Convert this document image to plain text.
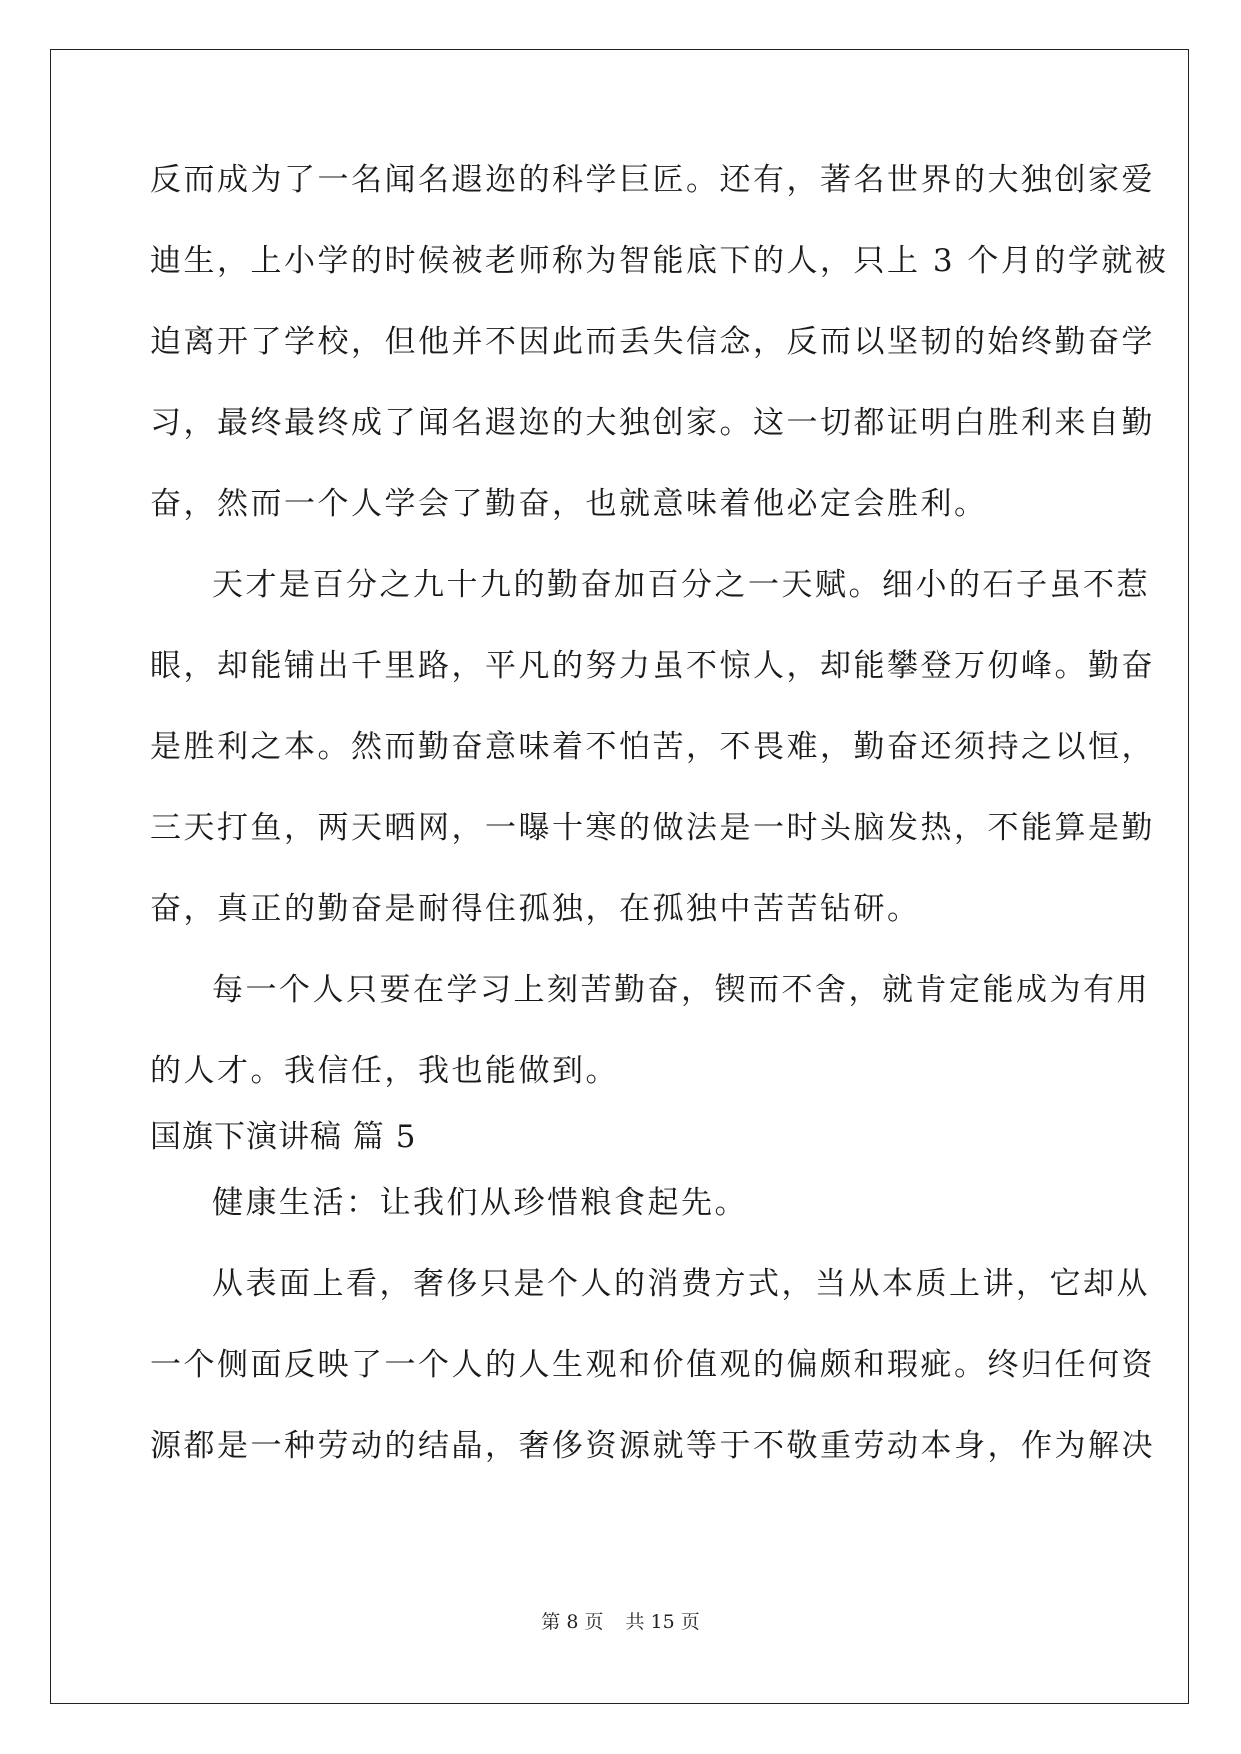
反而成为了一名闻名遐迩的科学巨匠。还有，著名世界的大独创家爱
迪生，上小学的时候被老师称为智能底下的人，只上 3 个月的学就被
迫离开了学校，但他并不因此而丢失信念，反而以坚韧的始终勤奋学
习，最终最终成了闻名遐迩的大独创家。这一切都证明白胜利来自勤
奋，然而一个人学会了勤奋，也就意味着他必定会胜利。
天才是百分之九十九的勤奋加百分之一天赋。细小的石子虽不惹
眼，却能铺出千里路，平凡的努力虽不惊人，却能攀登万仞峰。勤奋
是胜利之本。然而勤奋意味着不怕苦，不畏难，勤奋还须持之以恒，
三天打鱼，两天晒网，一曝十寒的做法是一时头脑发热，不能算是勤
奋，真正的勤奋是耐得住孤独，在孤独中苦苦钻研。
每一个人只要在学习上刻苦勤奋，锲而不舍，就肯定能成为有用
的人才。我信任，我也能做到。
国旗下演讲稿 篇 5
健康生活：让我们从珍惜粮食起先。
从表面上看，奢侈只是个人的消费方式，当从本质上讲，它却从
一个侧面反映了一个人的人生观和价值观的偏颇和瑕疵。终归任何资
源都是一种劳动的结晶，奢侈资源就等于不敬重劳动本身，作为解决
第 8 页 共 15 页
